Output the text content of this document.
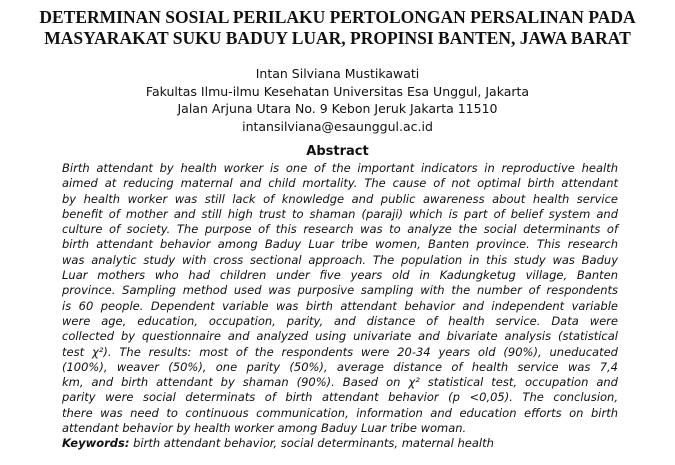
DETERMINAN SOSIAL PERILAKU PERTOLONGAN PERSALINAN PADA
MASYARAKAT SUKU BADUY LUAR, PROPINSI BANTEN, JAWA BARAT
Intan Silviana Mustikawati
Fakultas Ilmu-ilmu Kesehatan Universitas Esa Unggul, Jakarta
Jalan Arjuna Utara No. 9 Kebon Jeruk Jakarta 11510
intansilviana@esaunggul.ac.id
Abstract
Birth attendant by health worker is one of the important indicators in reproductive health
aimed at reducing maternal and child mortality. The cause of not optimal birth attendant
by health worker was still lack of knowledge and public awareness about health service
benefit of mother and still high trust to shaman (paraji) which is part of belief system and
culture of society. The purpose of this research was to analyze the social determinants of
birth attendant behavior among Baduy Luar tribe women, Banten province. This research
was analytic study with cross sectional approach. The population in this study was Baduy
Luar mothers who had children under five years old in Kadungketug village, Banten
province. Sampling method used was purposive sampling with the number of respondents
is 60 people. Dependent variable was birth attendant behavior and independent variable
were age, education, occupation, parity, and distance of health service. Data were
collected by questionnaire and analyzed using univariate and bivariate analysis (statistical
test χ²). The results: most of the respondents were 20-34 years old (90%), uneducated
(100%), weaver (50%), one parity (50%), average distance of health service was 7,4
km, and birth attendant by shaman (90%). Based on χ² statistical test, occupation and
parity were social determinats of birth attendant behavior (p <0,05). The conclusion,
there was need to continuous communication, information and education efforts on birth
attendant behavior by health worker among Baduy Luar tribe woman.
Keywords: birth attendant behavior, social determinants, maternal health
